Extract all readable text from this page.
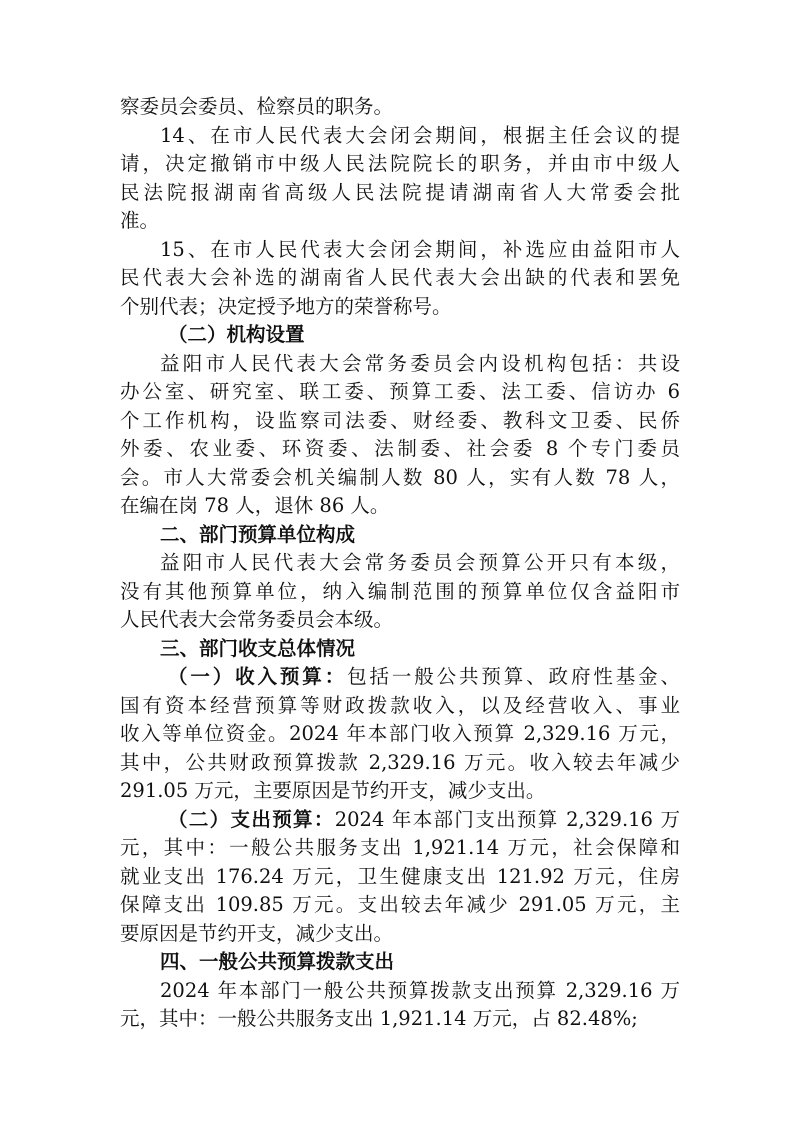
察委员会委员、检察员的职务。
14、在市人民代表大会闭会期间，根据主任会议的提
请，决定撤销市中级人民法院院长的职务，并由市中级人
民法院报湖南省高级人民法院提请湖南省人大常委会批
准。
15、在市人民代表大会闭会期间，补选应由益阳市人
民代表大会补选的湖南省人民代表大会出缺的代表和罢免
个别代表；决定授予地方的荣誉称号。
（二）机构设置
益阳市人民代表大会常务委员会内设机构包括：共设
办公室、研究室、联工委、预算工委、法工委、信访办 6
个工作机构，设监察司法委、财经委、教科文卫委、民侨
外委、农业委、环资委、法制委、社会委 8 个专门委员
会。市人大常委会机关编制人数 80 人，实有人数 78 人，
在编在岗 78 人，退休 86 人。
二、部门预算单位构成
益阳市人民代表大会常务委员会预算公开只有本级，
没有其他预算单位，纳入编制范围的预算单位仅含益阳市
人民代表大会常务委员会本级。
三、部门收支总体情况
（一）收入预算：包括一般公共预算、政府性基金、
国有资本经营预算等财政拨款收入，以及经营收入、事业
收入等单位资金。2024 年本部门收入预算 2,329.16 万元，
其中，公共财政预算拨款 2,329.16 万元。收入较去年减少
291.05 万元，主要原因是节约开支，减少支出。
（二）支出预算：2024 年本部门支出预算 2,329.16 万
元，其中：一般公共服务支出 1,921.14 万元，社会保障和
就业支出 176.24 万元，卫生健康支出 121.92 万元，住房
保障支出 109.85 万元。支出较去年减少 291.05 万元，主
要原因是节约开支，减少支出。
四、一般公共预算拨款支出
2024 年本部门一般公共预算拨款支出预算 2,329.16 万
元，其中：一般公共服务支出 1,921.14 万元，占 82.48%;
